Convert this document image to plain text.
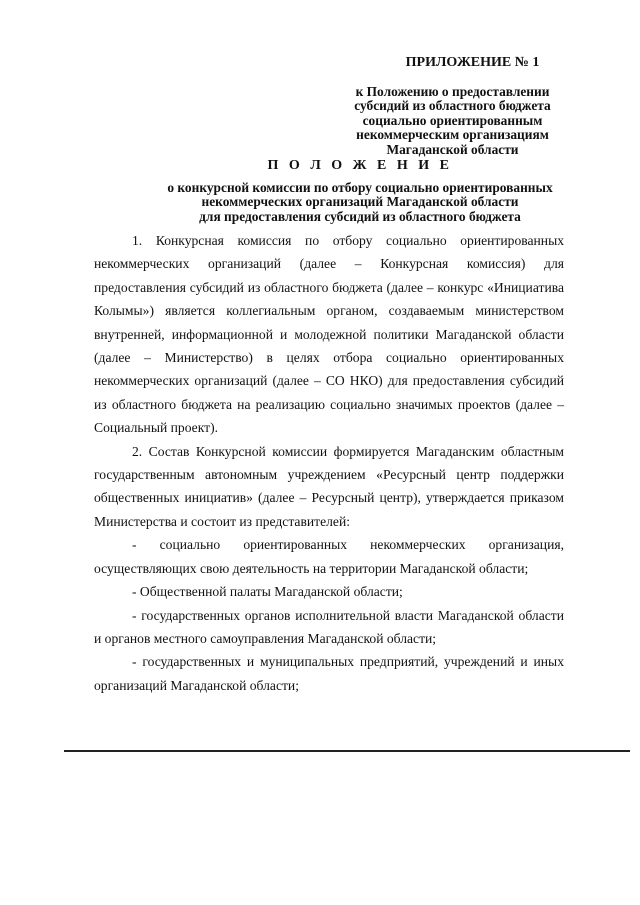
ПРИЛОЖЕНИЕ № 1
к Положению о предоставлении
субсидий из областного бюджета
социально ориентированным
некоммерческим организациям
Магаданской области
П О Л О Ж Е Н И Е
о конкурсной комиссии по отбору социально ориентированных
некоммерческих организаций Магаданской области
для предоставления субсидий из областного бюджета

1. Конкурсная комиссия по отбору социально ориентированных некоммерческих организаций (далее – Конкурсная комиссия) для предоставления субсидий из областного бюджета (далее – конкурс «Инициатива Колымы») является коллегиальным органом, создаваемым министерством внутренней, информационной и молодежной политики Магаданской области (далее – Министерство) в целях отбора социально ориентированных некоммерческих организаций (далее – СО НКО) для предоставления субсидий из областного бюджета на реализацию социально значимых проектов (далее – Социальный проект).

2. Состав Конкурсной комиссии формируется Магаданским областным государственным автономным учреждением «Ресурсный центр поддержки общественных инициатив» (далее – Ресурсный центр), утверждается приказом Министерства и состоит из представителей:

- социально ориентированных некоммерческих организация, осуществляющих свою деятельность на территории Магаданской области;

- Общественной палаты Магаданской области;

- государственных органов исполнительной власти Магаданской области и органов местного самоуправления Магаданской области;

- государственных и муниципальных предприятий, учреждений и иных организаций Магаданской области;
